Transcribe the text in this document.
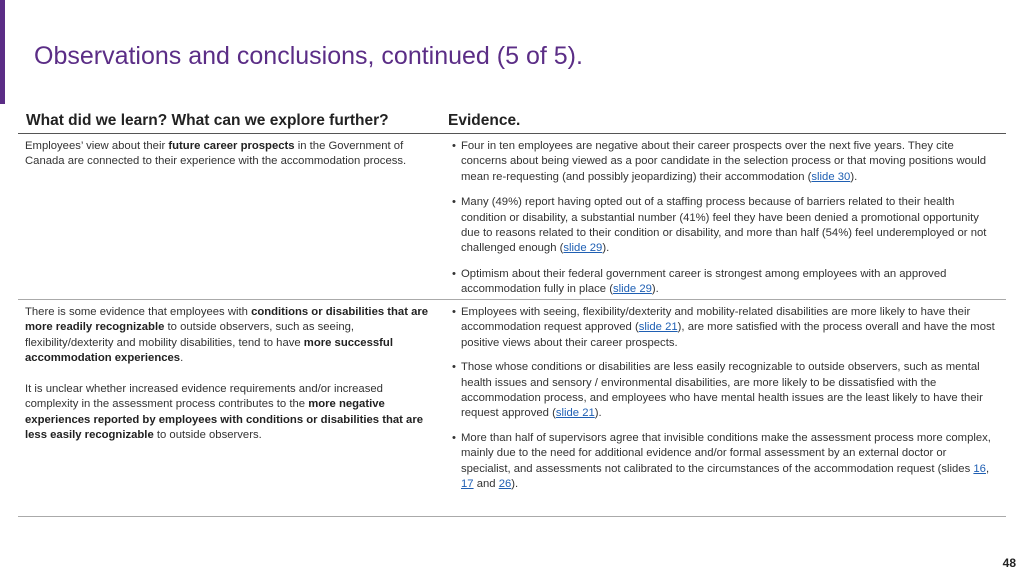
Observations and conclusions, continued (5 of 5).
What did we learn? What can we explore further?	Evidence.

Employees’ view about their future career prospects in the Government of Canada are connected to their experience with the accommodation process.

• Four in ten employees are negative about their career prospects over the next five years. They cite concerns about being viewed as a poor candidate in the selection process or that moving positions would mean re-requesting (and possibly jeopardizing) their accommodation (slide 30).
• Many (49%) report having opted out of a staffing process because of barriers related to their health condition or disability, a substantial number (41%) feel they have been denied a promotional opportunity due to reasons related to their condition or disability, and more than half (54%) feel underemployed or not challenged enough (slide 29).
• Optimism about their federal government career is strongest among employees with an approved accommodation fully in place (slide 29).

There is some evidence that employees with conditions or disabilities that are more readily recognizable to outside observers, such as seeing, flexibility/dexterity and mobility disabilities, tend to have more successful accommodation experiences.

It is unclear whether increased evidence requirements and/or increased complexity in the assessment process contributes to the more negative experiences reported by employees with conditions or disabilities that are less easily recognizable to outside observers.

• Employees with seeing, flexibility/dexterity and mobility-related disabilities are more likely to have their accommodation request approved (slide 21), are more satisfied with the process overall and have the most positive views about their career prospects.
• Those whose conditions or disabilities are less easily recognizable to outside observers, such as mental health issues and sensory / environmental disabilities, are more likely to be dissatisfied with the accommodation process, and employees who have mental health issues are the least likely to have their request approved (slide 21).
• More than half of supervisors agree that invisible conditions make the assessment process more complex, mainly due to the need for additional evidence and/or formal assessment by an external doctor or specialist, and assessments not calibrated to the circumstances of the accommodation request (slides 16, 17 and 26).
48
